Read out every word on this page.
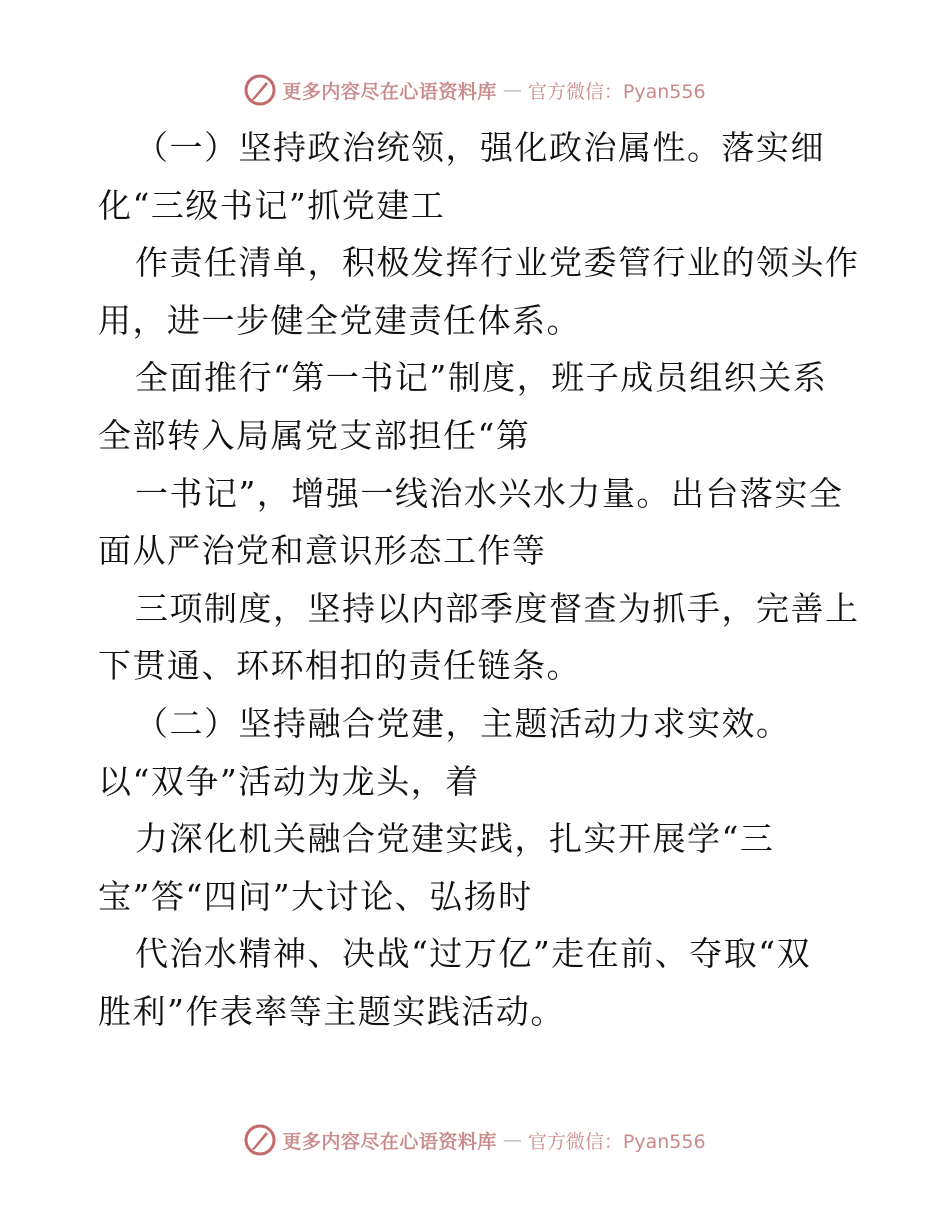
更多内容尽在心语资料库 — 官方微信：Pyan556
（一）坚持政治统领，强化政治属性。落实细
化“三级书记”抓党建工
作责任清单，积极发挥行业党委管行业的领头作
用，进一步健全党建责任体系。
全面推行“第一书记”制度，班子成员组织关系
全部转入局属党支部担任“第
一书记”，增强一线治水兴水力量。出台落实全
面从严治党和意识形态工作等
三项制度，坚持以内部季度督查为抓手，完善上
下贯通、环环相扣的责任链条。
（二）坚持融合党建，主题活动力求实效。
以“双争”活动为龙头，着
力深化机关融合党建实践，扎实开展学“三
宝”答“四问”大讨论、弘扬时
代治水精神、决战“过万亿”走在前、夺取“双
胜利”作表率等主题实践活动。
更多内容尽在心语资料库 — 官方微信：Pyan556
